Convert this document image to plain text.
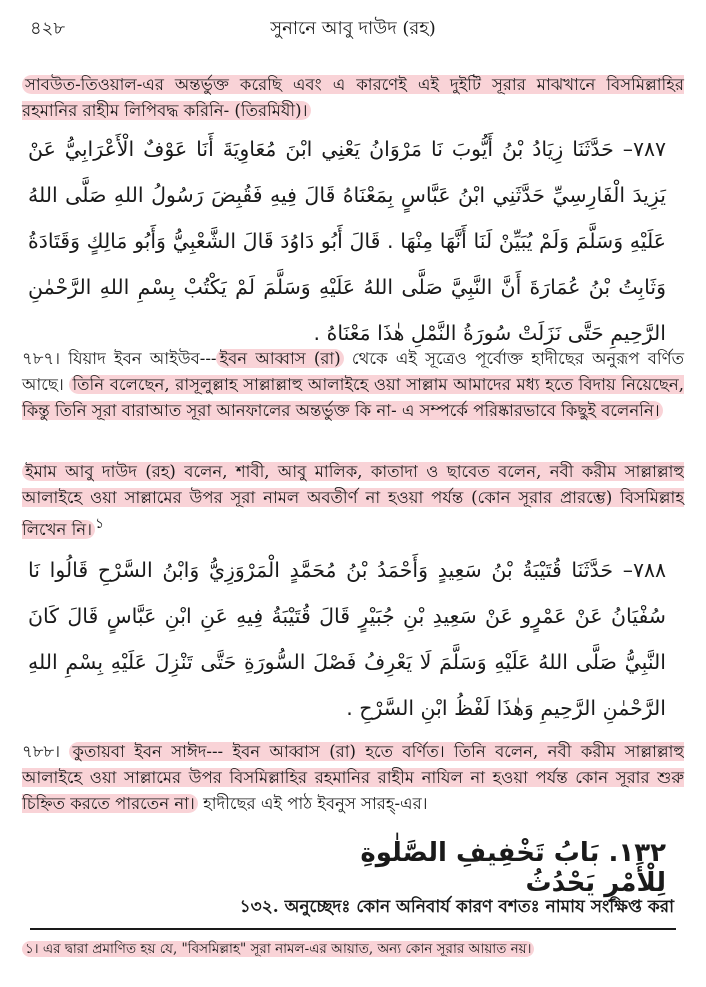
৪২৮	সুনানে আবু দাউদ (রহ)
সাবউত-তিওয়াল-এর অন্তর্ভুক্ত করেছি এবং এ কারণেই এই দুইটি সূরার মাঝখানে বিসমিল্লাহির রহমানির রাহীম লিপিবদ্ধ করিনি- (তিরমিযী)।
٧٨٧– حَدَّثَنَا زِيَادُ بْنُ أَيُّوبَ نَا مَرْوَانُ يَعْنِي ابْنَ مُعَاوِيَةَ أَنَا عَوْفٌ الْأَعْرَابِيُّ عَنْ يَزِيدَ الْفَارِسِيِّ حَدَّثَنِي ابْنُ عَبَّاسٍ بِمَعْنَاهُ قَالَ فِيهِ فَقُبِضَ رَسُولُ اللهِ صَلَّى اللهُ عَلَيْهِ وَسَلَّمَ وَلَمْ يُبَيِّنْ لَنَا أَنَّهَا مِنْهَا . قَالَ أَبُو دَاوُدَ قَالَ الشَّعْبِيُّ وَأَبُو مَالِكٍ وَقَتَادَةُ وَثَابِتُ بْنُ عُمَارَةَ أَنَّ النَّبِيَّ صَلَّى اللهُ عَلَيْهِ وَسَلَّمَ لَمْ يَكْتُبْ بِسْمِ اللهِ الرَّحْمٰنِ الرَّحِيمِ حَتَّى نَزَلَتْ سُورَةُ النَّمْلِ هٰذَا مَعْنَاهُ .
৭৮৭। যিয়াদ ইবন আইউব--- ইবন আব্বাস (রা) থেকে এই সূত্রেও পূর্বোক্ত হাদীছের অনুরূপ বর্ণিত আছে। তিনি বলেছেন, রাসূলুল্লাহ সাল্লাল্লাহু আলাইহে ওয়া সাল্লাম আমাদের মধ্য হতে বিদায় নিয়েছেন, কিন্তু তিনি সূরা বারাআত সূরা আনফালের অন্তর্ভুক্ত কি না- এ সম্পর্কে পরিষ্কারভাবে কিছুই বলেননি।
ইমাম আবু দাউদ (রহ) বলেন, শাবী, আবু মালিক, কাতাদা ও ছাবেত বলেন, নবী করীম সাল্লাল্লাহু আলাইহে ওয়া সাল্লামের উপর সূরা নামল অবতীর্ণ না হওয়া পর্যন্ত (কোন সূরার প্রারম্ভে) বিসমিল্লাহ লিখেন নি। $^১$
٧٨٨– حَدَّثَنَا قُتَيْبَةُ بْنُ سَعِيدٍ وَأَحْمَدُ بْنُ مُحَمَّدٍ الْمَرْوَزِيُّ وَابْنُ السَّرْحِ قَالُوا نَا سُفْيَانُ عَنْ عَمْرٍو عَنْ سَعِيدِ بْنِ جُبَيْرٍ قَالَ قُتَيْبَةُ فِيهِ عَنِ ابْنِ عَبَّاسٍ قَالَ كَانَ النَّبِيُّ صَلَّى اللهُ عَلَيْهِ وَسَلَّمَ لَا يَعْرِفُ فَصْلَ السُّورَةِ حَتَّى تَنْزِلَ عَلَيْهِ بِسْمِ اللهِ الرَّحْمٰنِ الرَّحِيمِ وَهٰذَا لَفْظُ ابْنِ السَّرْحِ .
৭৮৮। কুতায়বা ইবন সাঈদ--- ইবন আব্বাস (রা) হতে বর্ণিত। তিনি বলেন, নবী করীম সাল্লাল্লাহু আলাইহে ওয়া সাল্লামের উপর বিসমিল্লাহির রহমানির রাহীম নাযিল না হওয়া পর্যন্ত কোন সূরার শুরু চিহ্নিত করতে পারতেন না। হাদীছের এই পাঠ ইবনুস সারহ্-এর।
١٣٢. بَابُ تَخْفِيفِ الصَّلٰوةِ لِلْأَمْرِ يَحْدُثُ
১৩২. অনুচ্ছেদঃ কোন অনিবার্য কারণ বশতঃ নামায সংক্ষিপ্ত করা
১। এর দ্বারা প্রমাণিত হয় যে, "বিসমিল্লাহ" সূরা নামল-এর আয়াত, অন্য কোন সূরার আয়াত নয়।
